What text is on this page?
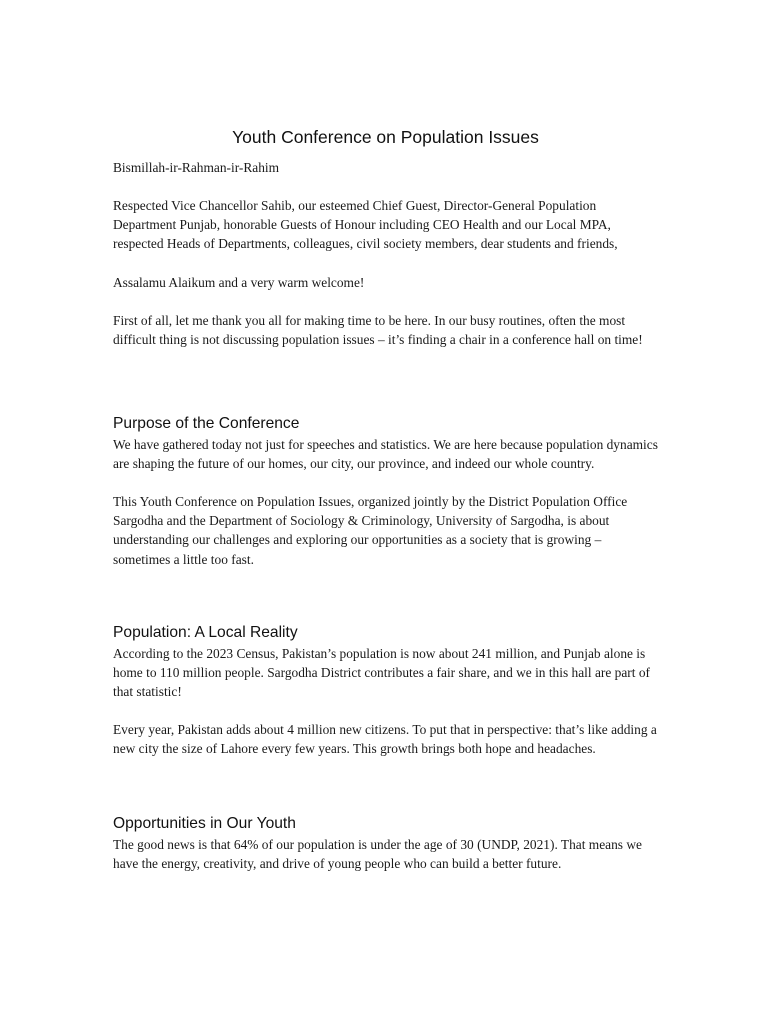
Youth Conference on Population Issues

Bismillah-ir-Rahman-ir-Rahim

Respected Vice Chancellor Sahib, our esteemed Chief Guest, Director-General Population Department Punjab, honorable Guests of Honour including CEO Health and our Local MPA, respected Heads of Departments, colleagues, civil society members, dear students and friends,

Assalamu Alaikum and a very warm welcome!

First of all, let me thank you all for making time to be here. In our busy routines, often the most difficult thing is not discussing population issues – it’s finding a chair in a conference hall on time!

Purpose of the Conference

We have gathered today not just for speeches and statistics. We are here because population dynamics are shaping the future of our homes, our city, our province, and indeed our whole country.

This Youth Conference on Population Issues, organized jointly by the District Population Office Sargodha and the Department of Sociology & Criminology, University of Sargodha, is about understanding our challenges and exploring our opportunities as a society that is growing – sometimes a little too fast.

Population: A Local Reality

According to the 2023 Census, Pakistan’s population is now about 241 million, and Punjab alone is home to 110 million people. Sargodha District contributes a fair share, and we in this hall are part of that statistic!

Every year, Pakistan adds about 4 million new citizens. To put that in perspective: that’s like adding a new city the size of Lahore every few years. This growth brings both hope and headaches.

Opportunities in Our Youth

The good news is that 64% of our population is under the age of 30 (UNDP, 2021). That means we have the energy, creativity, and drive of young people who can build a better future.
